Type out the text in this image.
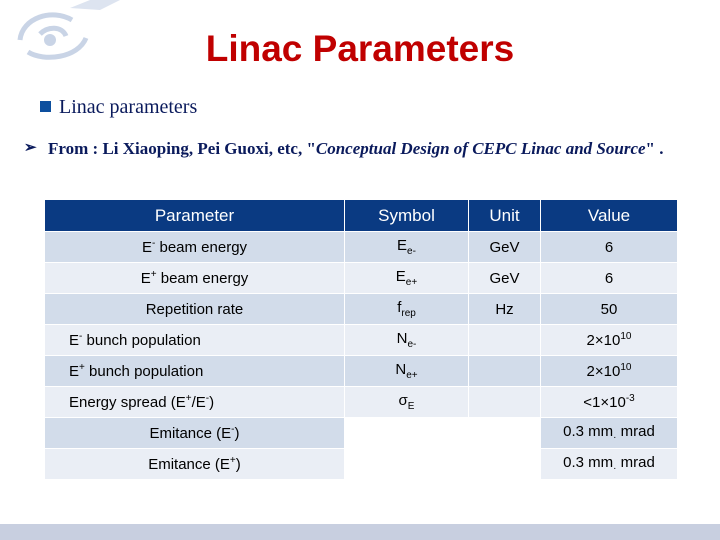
Linac Parameters
Linac parameters
➢ From : Li Xiaoping, Pei Guoxi, etc, "Conceptual Design of CEPC Linac and Source" .
Parameter	Symbol	Unit	Value
E- beam energy	$E_{e-}$	GeV	6
E+ beam energy	$E_{e+}$	GeV	6
Repetition rate	$f_{rep}$	Hz	50
E- bunch population	$N_{e-}$		$2\times 10^{10}$
E+ bunch population	$N_{e+}$		$2\times 10^{10}$
Energy spread (E+/E-)	$\sigma_E$		$<1\times 10^{-3}$
Emitance (E-)			0.3 $mm_\cdot$ mrad
Emitance (E+)			0.3 $mm_\cdot$ mrad
